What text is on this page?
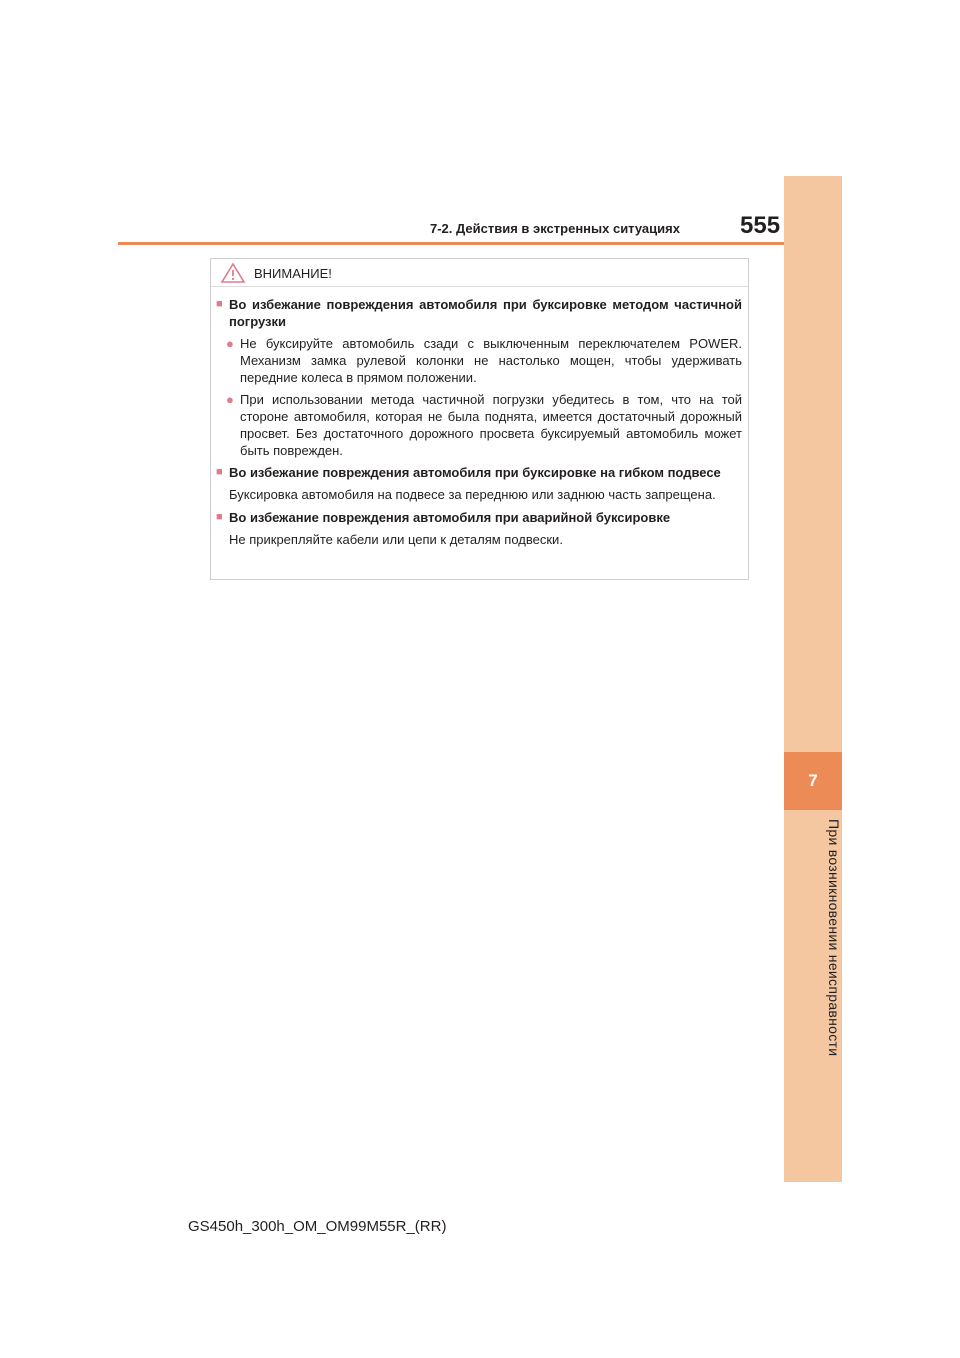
7
При возникновении неисправности
7-2. Действия в экстренных ситуациях	555
ВНИМАНИЕ!
■ Во избежание повреждения автомобиля при буксировке методом частичной погрузки
● Не буксируйте автомобиль сзади с выключенным переключателем POWER. Механизм замка рулевой колонки не настолько мощен, чтобы удерживать передние колеса в прямом положении.
● При использовании метода частичной погрузки убедитесь в том, что на той стороне автомобиля, которая не была поднята, имеется достаточный дорожный просвет. Без достаточного дорожного просвета буксируемый автомобиль может быть поврежден.
■ Во избежание повреждения автомобиля при буксировке на гибком подвесе
Буксировка автомобиля на подвесе за переднюю или заднюю часть запрещена.
■ Во избежание повреждения автомобиля при аварийной буксировке
Не прикрепляйте кабели или цепи к деталям подвески.
GS450h_300h_OM_OM99M55R_(RR)
